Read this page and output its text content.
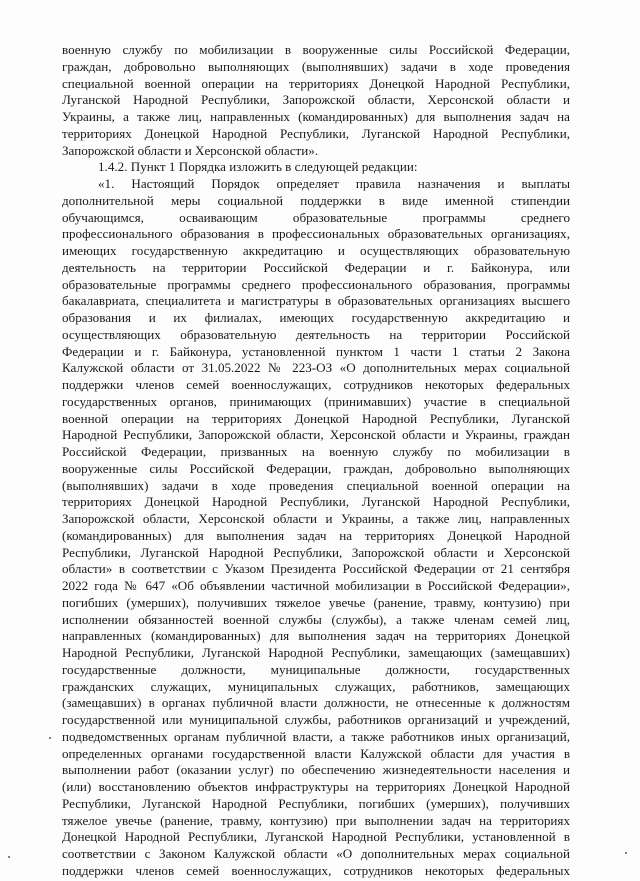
военную службу по мобилизации в вооруженные силы Российской Федерации,
граждан, добровольно выполняющих (выполнявших) задачи в ходе проведения
специальной военной операции на территориях Донецкой Народной Республики,
Луганской Народной Республики, Запорожской области, Херсонской области и
Украины, а также лиц, направленных (командированных) для выполнения задач на
территориях Донецкой Народной Республики, Луганской Народной Республики,
Запорожской области и Херсонской области».
1.4.2. Пункт 1 Порядка изложить в следующей редакции:
«1. Настоящий Порядок определяет правила назначения и выплаты
дополнительной меры социальной поддержки в виде именной стипендии
обучающимся, осваивающим образовательные программы среднего
профессионального образования в профессиональных образовательных организациях,
имеющих государственную аккредитацию и осуществляющих образовательную
деятельность на территории Российской Федерации и г. Байконура, или
образовательные программы среднего профессионального образования, программы
бакалавриата, специалитета и магистратуры в образовательных организациях высшего
образования и их филиалах, имеющих государственную аккредитацию и
осуществляющих образовательную деятельность на территории Российской
Федерации и г. Байконура, установленной пунктом 1 части 1 статьи 2 Закона
Калужской области от 31.05.2022 № 223-ОЗ «О дополнительных мерах социальной
поддержки членов семей военнослужащих, сотрудников некоторых федеральных
государственных органов, принимающих (принимавших) участие в специальной
военной операции на территориях Донецкой Народной Республики, Луганской
Народной Республики, Запорожской области, Херсонской области и Украины, граждан
Российской Федерации, призванных на военную службу по мобилизации в
вооруженные силы Российской Федерации, граждан, добровольно выполняющих
(выполнявших) задачи в ходе проведения специальной военной операции на
территориях Донецкой Народной Республики, Луганской Народной Республики,
Запорожской области, Херсонской области и Украины, а также лиц, направленных
(командированных) для выполнения задач на территориях Донецкой Народной
Республики, Луганской Народной Республики, Запорожской области и Херсонской
области» в соответствии с Указом Президента Российской Федерации от 21 сентября
2022 года № 647 «Об объявлении частичной мобилизации в Российской Федерации»,
погибших (умерших), получивших тяжелое увечье (ранение, травму, контузию) при
исполнении обязанностей военной службы (службы), а также членам семей лиц,
направленных (командированных) для выполнения задач на территориях Донецкой
Народной Республики, Луганской Народной Республики, замещающих (замещавших)
государственные должности, муниципальные должности, государственных
гражданских служащих, муниципальных служащих, работников, замещающих
(замещавших) в органах публичной власти должности, не отнесенные к должностям
государственной или муниципальной службы, работников организаций и учреждений,
подведомственных органам публичной власти, а также работников иных организаций,
определенных органами государственной власти Калужской области для участия в
выполнении работ (оказании услуг) по обеспечению жизнедеятельности населения и
(или) восстановлению объектов инфраструктуры на территориях Донецкой Народной
Республики, Луганской Народной Республики, погибших (умерших), получивших
тяжелое увечье (ранение, травму, контузию) при выполнении задач на территориях
Донецкой Народной Республики, Луганской Народной Республики, установленной в
соответствии с Законом Калужской области «О дополнительных мерах социальной
поддержки членов семей военнослужащих, сотрудников некоторых федеральных
